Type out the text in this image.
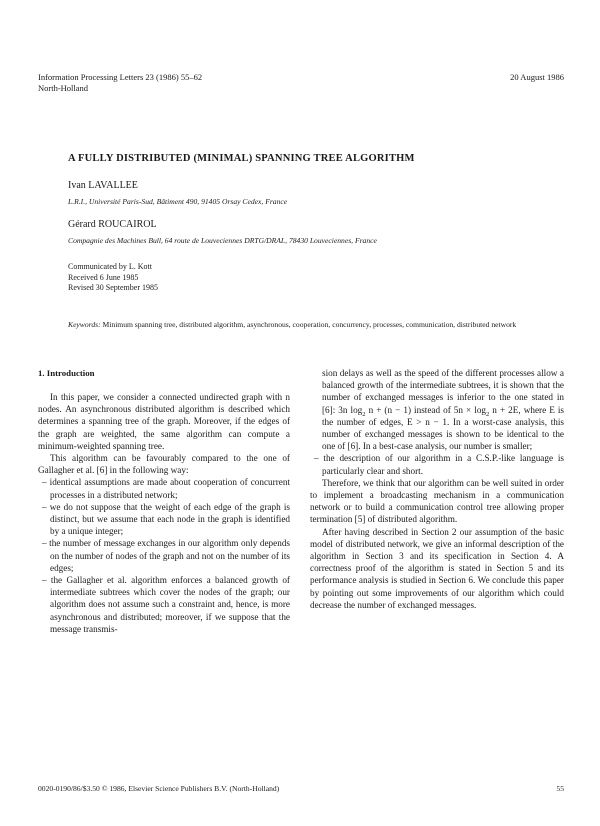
Information Processing Letters 23 (1986) 55–62
North-Holland
20 August 1986
A FULLY DISTRIBUTED (MINIMAL) SPANNING TREE ALGORITHM
Ivan LAVALLEE
L.R.I., Université Paris-Sud, Bâtiment 490, 91405 Orsay Cedex, France
Gérard ROUCAIROL
Compagnie des Machines Bull, 64 route de Louveciennes DRTG/DRAL, 78430 Louveciennes, France
Communicated by L. Kott
Received 6 June 1985
Revised 30 September 1985
Keywords: Minimum spanning tree, distributed algorithm, asynchronous, cooperation, concurrency, processes, communication, distributed network
1. Introduction

In this paper, we consider a connected undirected graph with n nodes. An asynchronous distributed algorithm is described which determines a spanning tree of the graph. Moreover, if the edges of the graph are weighted, the same algorithm can compute a minimum-weighted spanning tree.

This algorithm can be favourably compared to the one of Gallagher et al. [6] in the following way:

– identical assumptions are made about cooperation of concurrent processes in a distributed network;

– we do not suppose that the weight of each edge of the graph is distinct, but we assume that each node in the graph is identified by a unique integer;

– the number of message exchanges in our algorithm only depends on the number of nodes of the graph and not on the number of its edges;

– the Gallagher et al. algorithm enforces a balanced growth of intermediate subtrees which cover the nodes of the graph; our algorithm does not assume such a constraint and, hence, is more asynchronous and distributed; moreover, if we suppose that the message transmis-

sion delays as well as the speed of the different processes allow a balanced growth of the intermediate subtrees, it is shown that the number of exchanged messages is inferior to the one stated in [6]: 3n $\log_2 n + (n - 1)$ instead of $5n \times \log_2 n + 2E$, where E is the number of edges, E > n − 1. In a worst-case analysis, this number of exchanged messages is shown to be identical to the one of [6]. In a best-case analysis, our number is smaller;

– the description of our algorithm in a C.S.P.-like language is particularly clear and short.

Therefore, we think that our algorithm can be well suited in order to implement a broadcasting mechanism in a communication network or to build a communication control tree allowing proper termination [5] of distributed algorithm.

After having described in Section 2 our assumption of the basic model of distributed network, we give an informal description of the algorithm in Section 3 and its specification in Section 4. A correctness proof of the algorithm is stated in Section 5 and its performance analysis is studied in Section 6. We conclude this paper by pointing out some improvements of our algorithm which could decrease the number of exchanged messages.

0020-0190/86/$3.50 © 1986, Elsevier Science Publishers B.V. (North-Holland)	55
